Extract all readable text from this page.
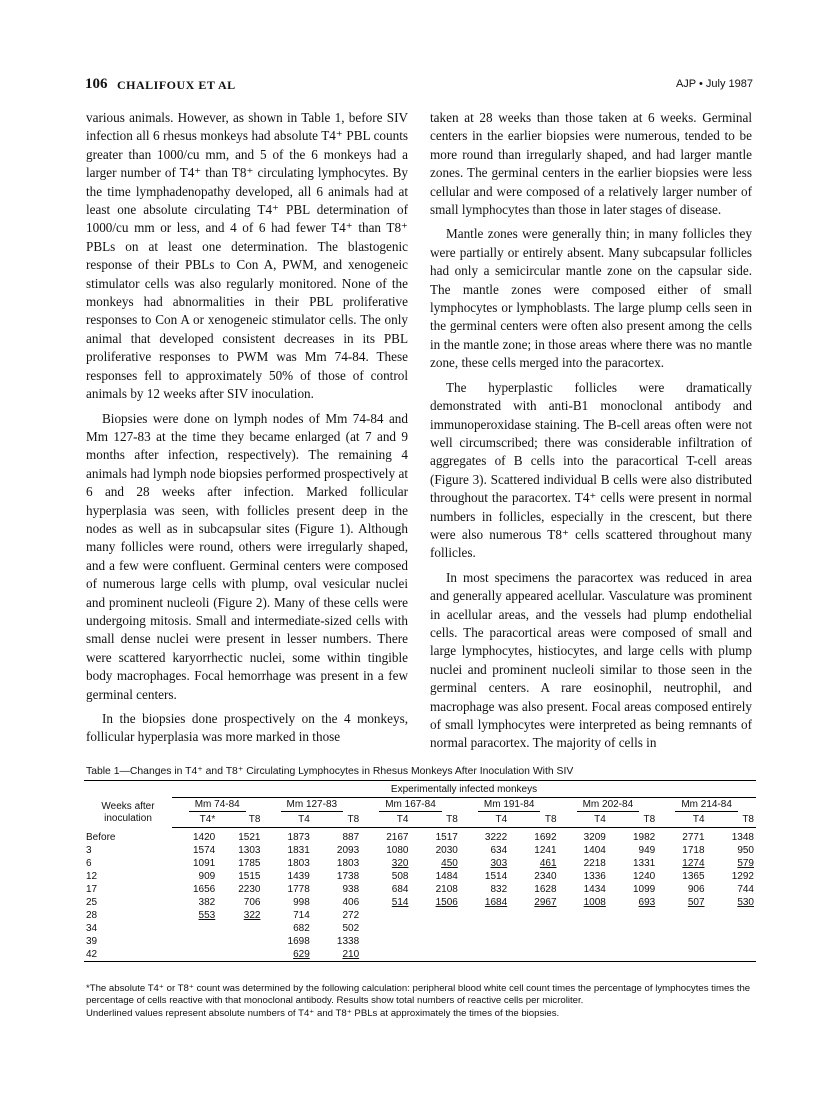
106 CHALIFOUX ET AL	AJP • July 1987

various animals. However, as shown in Table 1, before SIV infection all 6 rhesus monkeys had absolute T4⁺ PBL counts greater than 1000/cu mm, and 5 of the 6 monkeys had a larger number of T4⁺ than T8⁺ circulating lymphocytes. By the time lymphadenopathy developed, all 6 animals had at least one absolute circulating T4⁺ PBL determination of 1000/cu mm or less, and 4 of 6 had fewer T4⁺ than T8⁺ PBLs on at least one determination. The blastogenic response of their PBLs to Con A, PWM, and xenogeneic stimulator cells was also regularly monitored. None of the monkeys had abnormalities in their PBL proliferative responses to Con A or xenogeneic stimulator cells. The only animal that developed consistent decreases in its PBL proliferative responses to PWM was Mm 74-84. These responses fell to approximately 50% of those of control animals by 12 weeks after SIV inoculation.

Biopsies were done on lymph nodes of Mm 74-84 and Mm 127-83 at the time they became enlarged (at 7 and 9 months after infection, respectively). The remaining 4 animals had lymph node biopsies performed prospectively at 6 and 28 weeks after infection. Marked follicular hyperplasia was seen, with follicles present deep in the nodes as well as in subcapsular sites (Figure 1). Although many follicles were round, others were irregularly shaped, and a few were confluent. Germinal centers were composed of numerous large cells with plump, oval vesicular nuclei and prominent nucleoli (Figure 2). Many of these cells were undergoing mitosis. Small and intermediate-sized cells with small dense nuclei were present in lesser numbers. There were scattered karyorrhectic nuclei, some within tingible body macrophages. Focal hemorrhage was present in a few germinal centers.

In the biopsies done prospectively on the 4 monkeys, follicular hyperplasia was more marked in those

taken at 28 weeks than those taken at 6 weeks. Germinal centers in the earlier biopsies were numerous, tended to be more round than irregularly shaped, and had larger mantle zones. The germinal centers in the earlier biopsies were less cellular and were composed of a relatively larger number of small lymphocytes than those in later stages of disease.

Mantle zones were generally thin; in many follicles they were partially or entirely absent. Many subcapsular follicles had only a semicircular mantle zone on the capsular side. The mantle zones were composed either of small lymphocytes or lymphoblasts. The large plump cells seen in the germinal centers were often also present among the cells in the mantle zone; in those areas where there was no mantle zone, these cells merged into the paracortex.

The hyperplastic follicles were dramatically demonstrated with anti-B1 monoclonal antibody and immunoperoxidase staining. The B-cell areas often were not well circumscribed; there was considerable infiltration of aggregates of B cells into the paracortical T-cell areas (Figure 3). Scattered individual B cells were also distributed throughout the paracortex. T4⁺ cells were present in normal numbers in follicles, especially in the crescent, but there were also numerous T8⁺ cells scattered throughout many follicles.

In most specimens the paracortex was reduced in area and generally appeared acellular. Vasculature was prominent in acellular areas, and the vessels had plump endothelial cells. The paracortical areas were composed of small and large lymphocytes, histiocytes, and large cells with plump nuclei and prominent nucleoli similar to those seen in the germinal centers. A rare eosinophil, neutrophil, and macrophage was also present. Focal areas composed entirely of small lymphocytes were interpreted as being remnants of normal paracortex. The majority of cells in

Table 1—Changes in T4⁺ and T8⁺ Circulating Lymphocytes in Rhesus Monkeys After Inoculation With SIV
	Experimentally infected monkeys											
Weeks after inoculation	Mm 74-84		Mm 127-83		Mm 167-84		Mm 191-84		Mm 202-84		Mm 214-84	
	T4*	T8	T4	T8	T4	T8	T4	T8	T4	T8	T4	T8
Before	1420	1521	1873	887	2167	1517	3222	1692	3209	1982	2771	1348
3	1574	1303	1831	2093	1080	2030	634	1241	1404	949	1718	950
6	1091	1785	1803	1803	320	450	303	461	2218	1331	1274	579
12	909	1515	1439	1738	508	1484	1514	2340	1336	1240	1365	1292
17	1656	2230	1778	938	684	2108	832	1628	1434	1099	906	744
25	382	706	998	406	514	1506	1684	2967	1008	693	507	530
28	553	322	714	272								
34			682	502								
39			1698	1338								
42			629	210								
*The absolute T4⁺ or T8⁺ count was determined by the following calculation: peripheral blood white cell count times the percentage of lymphocytes times the percentage of cells reactive with that monoclonal antibody. Results show total numbers of reactive cells per microliter.
Underlined values represent absolute numbers of T4⁺ and T8⁺ PBLs at approximately the times of the biopsies.
